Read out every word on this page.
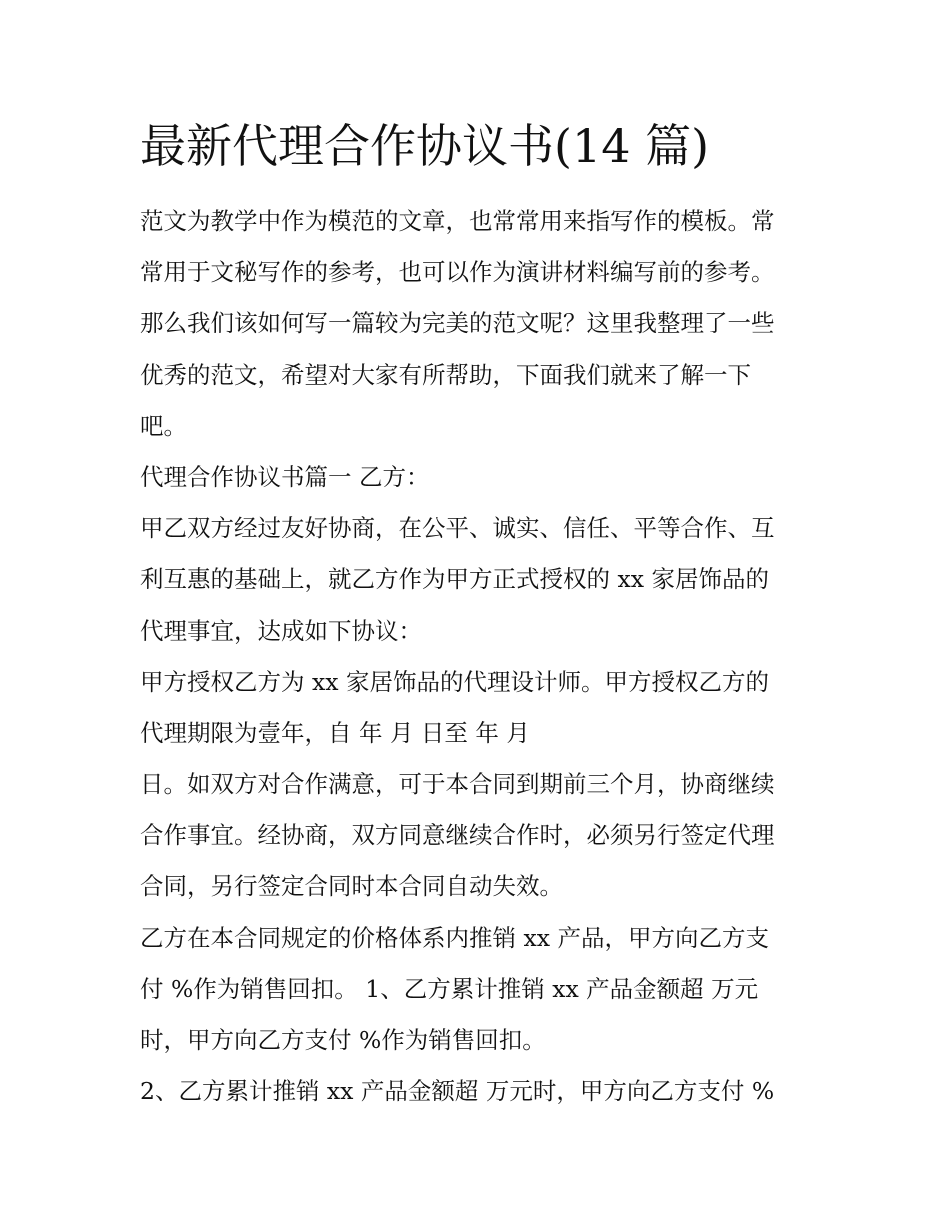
最新代理合作协议书(14 篇)
范文为教学中作为模范的文章，也常常用来指写作的模板。常
常用于文秘写作的参考，也可以作为演讲材料编写前的参考。
那么我们该如何写一篇较为完美的范文呢？这里我整理了一些
优秀的范文，希望对大家有所帮助，下面我们就来了解一下
吧。
代理合作协议书篇一 乙方：
甲乙双方经过友好协商，在公平、诚实、信任、平等合作、互
利互惠的基础上，就乙方作为甲方正式授权的 xx 家居饰品的
代理事宜，达成如下协议：
甲方授权乙方为 xx 家居饰品的代理设计师。甲方授权乙方的
代理期限为壹年，自 年 月 日至 年 月
日。如双方对合作满意，可于本合同到期前三个月，协商继续
合作事宜。经协商，双方同意继续合作时，必须另行签定代理
合同，另行签定合同时本合同自动失效。
乙方在本合同规定的价格体系内推销 xx 产品，甲方向乙方支
付 %作为销售回扣。 1、乙方累计推销 xx 产品金额超 万元
时，甲方向乙方支付 %作为销售回扣。
2、乙方累计推销 xx 产品金额超 万元时，甲方向乙方支付 %
